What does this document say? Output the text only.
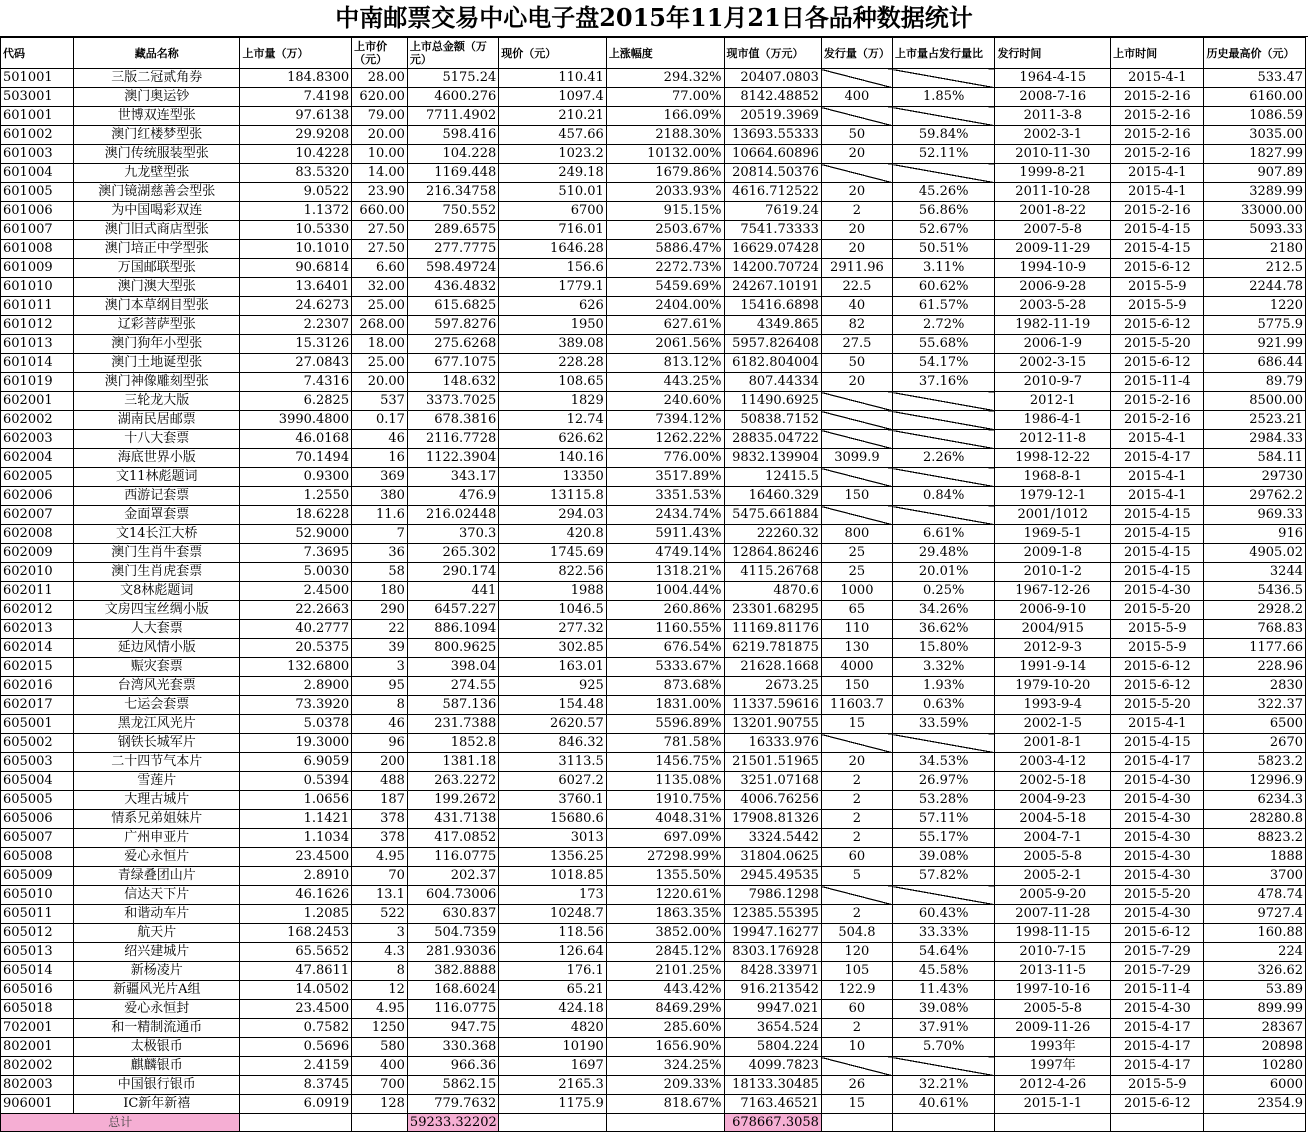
中南邮票交易中心电子盘2015年11月21日各品种数据统计
代码	藏品名称	上市量（万）	上市价（元）	上市总金额（万元）	现价（元）	上涨幅度	现市值（万元）	发行量（万）	上市量占发行量比	发行时间	上市时间	历史最高价（元）
501001	三版二冠贰角券	184.8300	28.00	5175.24	110.41	294.32%	20407.0803			1964-4-15	2015-4-1	533.47
503001	澳门奥运钞	7.4198	620.00	4600.276	1097.4	77.00%	8142.48852	400	1.85%	2008-7-16	2015-2-16	6160.00
601001	世博双连型张	97.6138	79.00	7711.4902	210.21	166.09%	20519.3969			2011-3-8	2015-2-16	1086.59
601002	澳门红楼梦型张	29.9208	20.00	598.416	457.66	2188.30%	13693.55333	50	59.84%	2002-3-1	2015-2-16	3035.00
601003	澳门传统服装型张	10.4228	10.00	104.228	1023.2	10132.00%	10664.60896	20	52.11%	2010-11-30	2015-2-16	1827.99
601004	九龙壁型张	83.5320	14.00	1169.448	249.18	1679.86%	20814.50376			1999-8-21	2015-4-1	907.89
601005	澳门镜湖慈善会型张	9.0522	23.90	216.34758	510.01	2033.93%	4616.712522	20	45.26%	2011-10-28	2015-4-1	3289.99
601006	为中国喝彩双连	1.1372	660.00	750.552	6700	915.15%	7619.24	2	56.86%	2001-8-22	2015-2-16	33000.00
601007	澳门旧式商店型张	10.5330	27.50	289.6575	716.01	2503.67%	7541.73333	20	52.67%	2007-5-8	2015-4-15	5093.33
601008	澳门培正中学型张	10.1010	27.50	277.7775	1646.28	5886.47%	16629.07428	20	50.51%	2009-11-29	2015-4-15	2180
601009	万国邮联型张	90.6814	6.60	598.49724	156.6	2272.73%	14200.70724	2911.96	3.11%	1994-10-9	2015-6-12	212.5
601010	澳门澳大型张	13.6401	32.00	436.4832	1779.1	5459.69%	24267.10191	22.5	60.62%	2006-9-28	2015-5-9	2244.78
601011	澳门本草纲目型张	24.6273	25.00	615.6825	626	2404.00%	15416.6898	40	61.57%	2003-5-28	2015-5-9	1220
601012	辽彩菩萨型张	2.2307	268.00	597.8276	1950	627.61%	4349.865	82	2.72%	1982-11-19	2015-6-12	5775.9
601013	澳门狗年小型张	15.3126	18.00	275.6268	389.08	2061.56%	5957.826408	27.5	55.68%	2006-1-9	2015-5-20	921.99
601014	澳门土地诞型张	27.0843	25.00	677.1075	228.28	813.12%	6182.804004	50	54.17%	2002-3-15	2015-6-12	686.44
601019	澳门神像雕刻型张	7.4316	20.00	148.632	108.65	443.25%	807.44334	20	37.16%	2010-9-7	2015-11-4	89.79
602001	三轮龙大版	6.2825	537	3373.7025	1829	240.60%	11490.6925			2012-1	2015-2-16	8500.00
602002	湖南民居邮票	3990.4800	0.17	678.3816	12.74	7394.12%	50838.7152			1986-4-1	2015-2-16	2523.21
602003	十八大套票	46.0168	46	2116.7728	626.62	1262.22%	28835.04722			2012-11-8	2015-4-1	2984.33
602004	海底世界小版	70.1494	16	1122.3904	140.16	776.00%	9832.139904	3099.9	2.26%	1998-12-22	2015-4-17	584.11
602005	文11林彪题词	0.9300	369	343.17	13350	3517.89%	12415.5			1968-8-1	2015-4-1	29730
602006	西游记套票	1.2550	380	476.9	13115.8	3351.53%	16460.329	150	0.84%	1979-12-1	2015-4-1	29762.2
602007	金面罩套票	18.6228	11.6	216.02448	294.03	2434.74%	5475.661884			2001/1012	2015-4-15	969.33
602008	文14长江大桥	52.9000	7	370.3	420.8	5911.43%	22260.32	800	6.61%	1969-5-1	2015-4-15	916
602009	澳门生肖牛套票	7.3695	36	265.302	1745.69	4749.14%	12864.86246	25	29.48%	2009-1-8	2015-4-15	4905.02
602010	澳门生肖虎套票	5.0030	58	290.174	822.56	1318.21%	4115.26768	25	20.01%	2010-1-2	2015-4-15	3244
602011	文8林彪题词	2.4500	180	441	1988	1004.44%	4870.6	1000	0.25%	1967-12-26	2015-4-30	5436.5
602012	文房四宝丝绸小版	22.2663	290	6457.227	1046.5	260.86%	23301.68295	65	34.26%	2006-9-10	2015-5-20	2928.2
602013	人大套票	40.2777	22	886.1094	277.32	1160.55%	11169.81176	110	36.62%	2004/915	2015-5-9	768.83
602014	延边风情小版	20.5375	39	800.9625	302.85	676.54%	6219.781875	130	15.80%	2012-9-3	2015-5-9	1177.66
602015	赈灾套票	132.6800	3	398.04	163.01	5333.67%	21628.1668	4000	3.32%	1991-9-14	2015-6-12	228.96
602016	台湾风光套票	2.8900	95	274.55	925	873.68%	2673.25	150	1.93%	1979-10-20	2015-6-12	2830
602017	七运会套票	73.3920	8	587.136	154.48	1831.00%	11337.59616	11603.7	0.63%	1993-9-4	2015-5-20	322.37
605001	黑龙江风光片	5.0378	46	231.7388	2620.57	5596.89%	13201.90755	15	33.59%	2002-1-5	2015-4-1	6500
605002	钢铁长城军片	19.3000	96	1852.8	846.32	781.58%	16333.976			2001-8-1	2015-4-15	2670
605003	二十四节气本片	6.9059	200	1381.18	3113.5	1456.75%	21501.51965	20	34.53%	2003-4-12	2015-4-17	5823.2
605004	雪莲片	0.5394	488	263.2272	6027.2	1135.08%	3251.07168	2	26.97%	2002-5-18	2015-4-30	12996.9
605005	大理古城片	1.0656	187	199.2672	3760.1	1910.75%	4006.76256	2	53.28%	2004-9-23	2015-4-30	6234.3
605006	情系兄弟姐妹片	1.1421	378	431.7138	15680.6	4048.31%	17908.81326	2	57.11%	2004-5-18	2015-4-30	28280.8
605007	广州申亚片	1.1034	378	417.0852	3013	697.09%	3324.5442	2	55.17%	2004-7-1	2015-4-30	8823.2
605008	爱心永恒片	23.4500	4.95	116.0775	1356.25	27298.99%	31804.0625	60	39.08%	2005-5-8	2015-4-30	1888
605009	青绿叠团山片	2.8910	70	202.37	1018.85	1355.50%	2945.49535	5	57.82%	2005-2-1	2015-4-30	3700
605010	信达天下片	46.1626	13.1	604.73006	173	1220.61%	7986.1298			2005-9-20	2015-5-20	478.74
605011	和谐动车片	1.2085	522	630.837	10248.7	1863.35%	12385.55395	2	60.43%	2007-11-28	2015-4-30	9727.4
605012	航天片	168.2453	3	504.7359	118.56	3852.00%	19947.16277	504.8	33.33%	1998-11-15	2015-6-12	160.88
605013	绍兴建城片	65.5652	4.3	281.93036	126.64	2845.12%	8303.176928	120	54.64%	2010-7-15	2015-7-29	224
605014	新杨凌片	47.8611	8	382.8888	176.1	2101.25%	8428.33971	105	45.58%	2013-11-5	2015-7-29	326.62
605016	新疆风光片A组	14.0502	12	168.6024	65.21	443.42%	916.213542	122.9	11.43%	1997-10-16	2015-11-4	53.89
605018	爱心永恒封	23.4500	4.95	116.0775	424.18	8469.29%	9947.021	60	39.08%	2005-5-8	2015-4-30	899.99
702001	和一精制流通币	0.7582	1250	947.75	4820	285.60%	3654.524	2	37.91%	2009-11-26	2015-4-17	28367
802001	太极银币	0.5696	580	330.368	10190	1656.90%	5804.224	10	5.70%	1993年	2015-4-17	20898
802002	麒麟银币	2.4159	400	966.36	1697	324.25%	4099.7823			1997年	2015-4-17	10280
802003	中国银行银币	8.3745	700	5862.15	2165.3	209.33%	18133.30485	26	32.21%	2012-4-26	2015-5-9	6000
906001	IC新年新禧	6.0919	128	779.7632	1175.9	818.67%	7163.46521	15	40.61%	2015-1-1	2015-6-12	2354.9
总计				59233.32202			678667.3058					
